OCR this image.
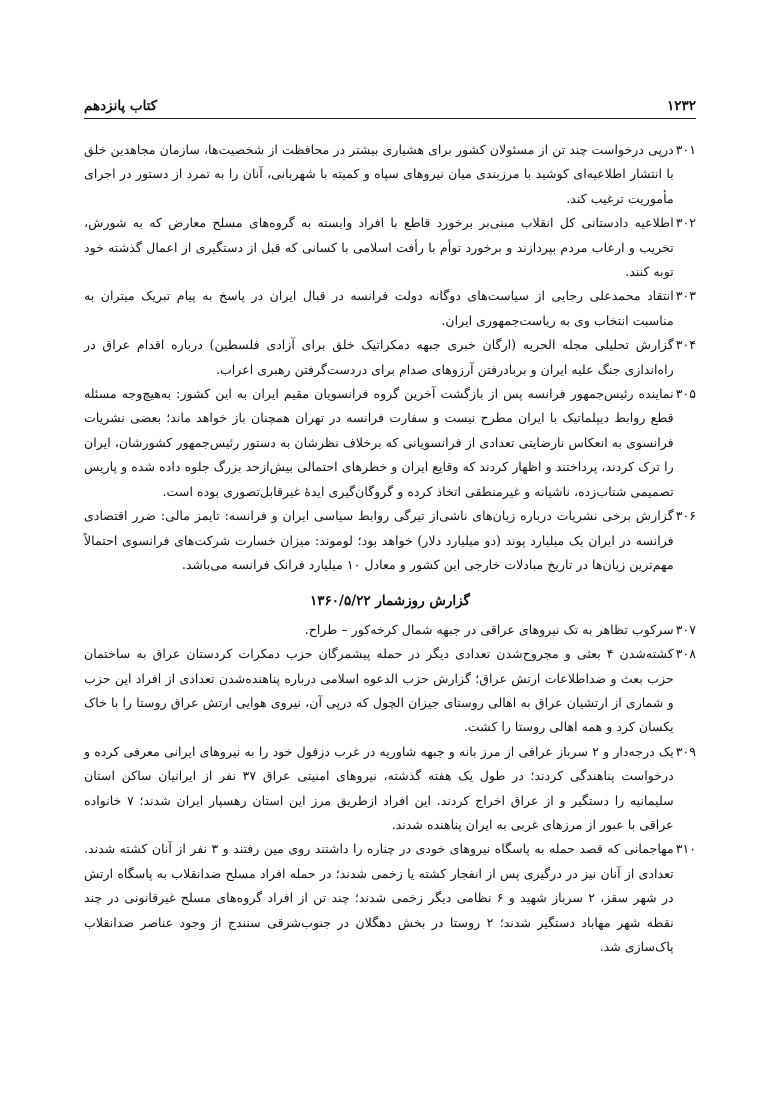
۱۲۳۲
کتاب پانزدهم
۳۰۱
درپی درخواست چند تن از مسئولان کشور برای هشیاری بیشتر در محافظت از شخصیت‌ها، سازمان مجاهدین خلق با انتشار اطلاعیه‌ای کوشید با مرزبندی میان نیروهای سپاه و کمیته با شهربانی، آنان را به تمرد از دستور در اجرای مأموریت ترغیب کند.
۳۰۲
اطلاعیه دادستانی کل انقلاب مبنی‌بر برخورد قاطع با افراد وابسته به گروه‌های مسلح معارض که به شورش، تخریب و ارعاب مردم بپردازند و برخورد توأم با رأفت اسلامی با کسانی که قبل از دستگیری از اعمال گذشته خود توبه کنند.
۳۰۳
انتقاد محمدعلی رجایی از سیاست‌های دوگانه دولت فرانسه در قبال ایران در پاسخ به پیام تبریک میتران به مناسبت انتخاب وی به ریاست‌جمهوری ایران.
۳۰۴
گزارش تحلیلی مجله الحریه (ارگان خبری جبهه دمکراتیک خلق برای آزادی فلسطین) درباره اقدام عراق در راه‌اندازی جنگ علیه ایران و بربادرفتن آرزوهای صدام برای دردست‌گرفتن رهبری اعراب.
۳۰۵
نماینده رئیس‌جمهور فرانسه پس از بازگشت آخرین گروه فرانسویان مقیم ایران به این کشور: به‌هیچ‌وجه مسئله قطع روابط دیپلماتیک با ایران مطرح نیست و سفارت فرانسه در تهران همچنان باز خواهد ماند؛ بعضی نشریات فرانسوی به انعکاس نارضایتی تعدادی از فرانسویانی که برخلاف نظرشان به دستور رئیس‌جمهور کشورشان، ایران را ترک کردند، پرداختند و اظهار کردند که وقایع ایران و خطرهای احتمالی بیش‌ازحد بزرگ جلوه داده شده و پاریس تصمیمی شتاب‌زده، ناشیانه و غیرمنطقی اتخاذ کرده و گروگان‌گیری ایدهٔ غیرقابل‌تصوری بوده است.
۳۰۶
گزارش برخی نشریات درباره زیان‌های ناشی‌از تیرگی روابط سیاسی ایران و فرانسه: تایمز مالی: ضرر اقتصادی فرانسه در ایران یک میلیارد پوند (دو میلیارد دلار) خواهد بود؛ لوموند: میزان خسارت شرکت‌های فرانسوی احتمالاً مهم‌ترین زیان‌ها در تاریخ مبادلات خارجی این کشور و معادل ۱۰ میلیارد فرانک فرانسه می‌باشد.
گزارش روزشمار ۱۳۶۰/۵/۲۲
۳۰۷
سرکوب تظاهر به تک نیروهای عراقی در جبهه شمال کرخه‌کور – طراح.
۳۰۸
کشته‌شدن ۴ بعثی و مجروح‌شدن تعدادی دیگر در حمله پیشمرگان حزب دمکرات کردستان عراق به ساختمان حزب بعث و ضداطلاعات ارتش عراق؛ گزارش حزب الدعوه اسلامی درباره پناهنده‌شدن تعدادی از افراد این حزب و شماری از ارتشیان عراق به اهالی روستای جیزان الچول که درپی آن، نیروی هوایی ارتش عراق روستا را با خاک یکسان کرد و همه اهالی روستا را کشت.
۳۰۹
یک درجه‌دار و ۲ سرباز عراقی از مرز بانه و جبهه شاوریه در غرب دزفول خود را به نیروهای ایرانی معرفی کرده و درخواست پناهندگی کردند؛ در طول یک هفته گذشته، نیروهای امنیتی عراق ۳۷ نفر از ایرانیان ساکن استان سلیمانیه را دستگیر و از عراق اخراج کردند. این افراد ازطریق مرز این استان رهسپار ایران شدند؛ ۷ خانواده عراقی با عبور از مرزهای غربی به ایران پناهنده شدند.
۳۱۰
مهاجمانی که قصد حمله به پاسگاه نیروهای خودی در چناره را داشتند روی مین رفتند و ۳ نفر از آنان کشته شدند. تعدادی از آنان نیز در درگیری پس از انفجار کشته یا زخمی شدند؛ در حمله افراد مسلح ضدانقلاب به پاسگاه ارتش در شهر سقز، ۲ سرباز شهید و ۶ نظامی دیگر زخمی شدند؛ چند تن از افراد گروه‌های مسلح غیرقانونی در چند نقطه شهر مهاباد دستگیر شدند؛ ۲ روستا در بخش دهگلان در جنوب‌شرقی سنندج از وجود عناصر ضدانقلاب پاک‌سازی شد.
